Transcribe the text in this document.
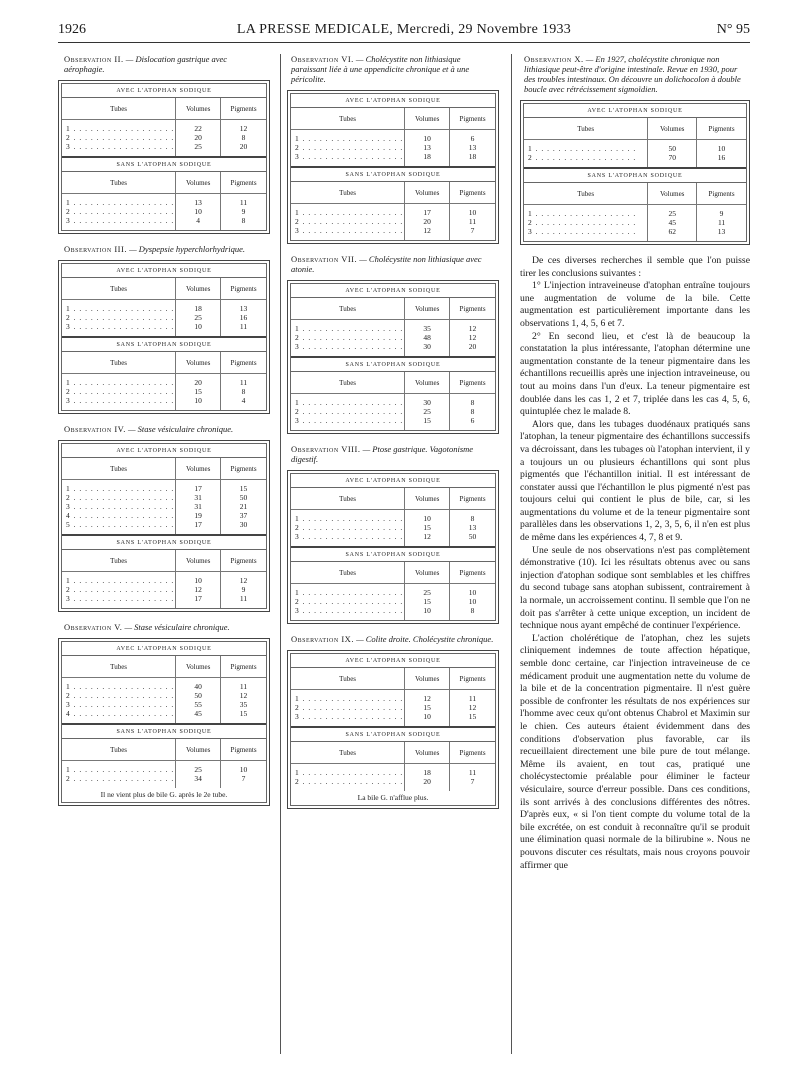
1926	LA PRESSE MEDICALE, Mercredi, 29 Novembre 1933	N° 95
Observation II. — Dislocation gastrique avec aérophagie.
AVEC L'ATOPHAN SODIQUE
Tubes
1 . . . . . . . . . . . . . . . . . .
2 . . . . . . . . . . . . . . . . . .
3 . . . . . . . . . . . . . . . . . .
Volumes
22
20
25
Pigments
12
8
20
SANS L'ATOPHAN SODIQUE
Tubes
1 . . . . . . . . . . . . . . . . . .
2 . . . . . . . . . . . . . . . . . .
3 . . . . . . . . . . . . . . . . . .
Volumes
13
10
4
Pigments
11
9
8
Observation III. — Dyspepsie hyperchlorhydrique.
AVEC L'ATOPHAN SODIQUE
Tubes
1 . . . . . . . . . . . . . . . . . .
2 . . . . . . . . . . . . . . . . . .
3 . . . . . . . . . . . . . . . . . .
Volumes
18
25
10
Pigments
13
16
11
SANS L'ATOPHAN SODIQUE
Tubes
1 . . . . . . . . . . . . . . . . . .
2 . . . . . . . . . . . . . . . . . .
3 . . . . . . . . . . . . . . . . . .
Volumes
20
15
10
Pigments
11
8
4
Observation IV. — Stase vésiculaire chronique.
AVEC L'ATOPHAN SODIQUE
Tubes
1 . . . . . . . . . . . . . . . . . .
2 . . . . . . . . . . . . . . . . . .
3 . . . . . . . . . . . . . . . . . .
4 . . . . . . . . . . . . . . . . . .
5 . . . . . . . . . . . . . . . . . .
Volumes
17
31
31
19
17
Pigments
15
50
21
37
30
SANS L'ATOPHAN SODIQUE
Tubes
1 . . . . . . . . . . . . . . . . . .
2 . . . . . . . . . . . . . . . . . .
3 . . . . . . . . . . . . . . . . . .
Volumes
10
12
17
Pigments
12
9
11
Observation V. — Stase vésiculaire chronique.
AVEC L'ATOPHAN SODIQUE
Tubes
1 . . . . . . . . . . . . . . . . . .
2 . . . . . . . . . . . . . . . . . .
3 . . . . . . . . . . . . . . . . . .
4 . . . . . . . . . . . . . . . . . .
Volumes
40
50
55
45
Pigments
11
12
35
15
SANS L'ATOPHAN SODIQUE
Tubes
1 . . . . . . . . . . . . . . . . . .
2 . . . . . . . . . . . . . . . . . .
Volumes
25
34
Pigments
10
7
Il ne vient plus de bile G. après le 2e tube.
Observation VI. — Cholécystite non lithiasique paraissant liée à une appendicite chronique et à une péricolite.
AVEC L'ATOPHAN SODIQUE
Tubes
1 . . . . . . . . . . . . . . . . . .
2 . . . . . . . . . . . . . . . . . .
3 . . . . . . . . . . . . . . . . . .
Volumes
10
13
18
Pigments
6
13
18
SANS L'ATOPHAN SODIQUE
Tubes
1 . . . . . . . . . . . . . . . . . .
2 . . . . . . . . . . . . . . . . . .
3 . . . . . . . . . . . . . . . . . .
Volumes
17
20
12
Pigments
10
11
7
Observation VII. — Cholécystite non lithiasique avec atonie.
AVEC L'ATOPHAN SODIQUE
Tubes
1 . . . . . . . . . . . . . . . . . .
2 . . . . . . . . . . . . . . . . . .
3 . . . . . . . . . . . . . . . . . .
Volumes
35
48
30
Pigments
12
12
20
SANS L'ATOPHAN SODIQUE
Tubes
1 . . . . . . . . . . . . . . . . . .
2 . . . . . . . . . . . . . . . . . .
3 . . . . . . . . . . . . . . . . . .
Volumes
30
25
15
Pigments
8
8
6
Observation VIII. — Ptose gastrique. Vagotonisme digestif.
AVEC L'ATOPHAN SODIQUE
Tubes
1 . . . . . . . . . . . . . . . . . .
2 . . . . . . . . . . . . . . . . . .
3 . . . . . . . . . . . . . . . . . .
Volumes
10
15
12
Pigments
8
13
50
SANS L'ATOPHAN SODIQUE
Tubes
1 . . . . . . . . . . . . . . . . . .
2 . . . . . . . . . . . . . . . . . .
3 . . . . . . . . . . . . . . . . . .
Volumes
25
15
10
Pigments
10
10
8
Observation IX. — Colite droite. Cholécystite chronique.
AVEC L'ATOPHAN SODIQUE
Tubes
1 . . . . . . . . . . . . . . . . . .
2 . . . . . . . . . . . . . . . . . .
3 . . . . . . . . . . . . . . . . . .
Volumes
12
15
10
Pigments
11
12
15
SANS L'ATOPHAN SODIQUE
Tubes
1 . . . . . . . . . . . . . . . . . .
2 . . . . . . . . . . . . . . . . . .
Volumes
18
20
Pigments
11
7
La bile G. n'afflue plus.
Observation X. — En 1927, cholécystite chronique non lithiasique peut-être d'origine intestinale. Revue en 1930, pour des troubles intestinaux. On découvre un dolichocolon à double boucle avec rétrécissement sigmoïdien.
AVEC L'ATOPHAN SODIQUE
Tubes
1 . . . . . . . . . . . . . . . . . .
2 . . . . . . . . . . . . . . . . . .
Volumes
50
70
Pigments
10
16
SANS L'ATOPHAN SODIQUE
Tubes
1 . . . . . . . . . . . . . . . . . .
2 . . . . . . . . . . . . . . . . . .
3 . . . . . . . . . . . . . . . . . .
Volumes
25
45
62
Pigments
9
11
13

De ces diverses recherches il semble que l'on puisse tirer les conclusions suivantes :

1° L'injection intraveineuse d'atophan entraîne toujours une augmentation de volume de la bile. Cette augmentation est particulièrement importante dans les observations 1, 4, 5, 6 et 7.

2° En second lieu, et c'est là de beaucoup la constatation la plus intéressante, l'atophan détermine une augmentation constante de la teneur pigmentaire dans les échantillons recueillis après une injection intraveineuse, ou tout au moins dans l'un d'eux. La teneur pigmentaire est doublée dans les cas 1, 2 et 7, triplée dans les cas 4, 5, 6, quintuplée chez le malade 8.

Alors que, dans les tubages duodénaux pratiqués sans l'atophan, la teneur pigmentaire des échantillons successifs va décroissant, dans les tubages où l'atophan intervient, il y a toujours un ou plusieurs échantillons qui sont plus pigmentés que l'échantillon initial. Il est intéressant de constater aussi que l'échantillon le plus pigmenté n'est pas toujours celui qui contient le plus de bile, car, si les augmentations du volume et de la teneur pigmentaire sont parallèles dans les observations 1, 2, 3, 5, 6, il n'en est plus de même dans les expériences 4, 7, 8 et 9.

Une seule de nos observations n'est pas complètement démonstrative (10). Ici les résultats obtenus avec ou sans injection d'atophan sodique sont semblables et les chiffres du second tubage sans atophan subissent, contrairement à la normale, un accroissement continu. Il semble que l'on ne doit pas s'arrêter à cette unique exception, un incident de technique nous ayant empêché de continuer l'expérience.

L'action cholérétique de l'atophan, chez les sujets cliniquement indemnes de toute affection hépatique, semble donc certaine, car l'injection intraveineuse de ce médicament produit une augmentation nette du volume de la bile et de la concentration pigmentaire. Il n'est guère possible de confronter les résultats de nos expériences sur l'homme avec ceux qu'ont obtenus Chabrol et Maximin sur le chien. Ces auteurs étaient évidemment dans des conditions d'observation plus favorable, car ils recueillaient directement une bile pure de tout mélange. Même ils avaient, en tout cas, pratiqué une cholécystectomie préalable pour éliminer le facteur vésiculaire, source d'erreur possible. Dans ces conditions, ils sont arrivés à des conclusions différentes des nôtres. D'après eux, « si l'on tient compte du volume total de la bile excrétée, on est conduit à reconnaître qu'il se produit une élimination quasi normale de la bilirubine ». Nous ne pouvons discuter ces résultats, mais nous croyons pouvoir affirmer que
